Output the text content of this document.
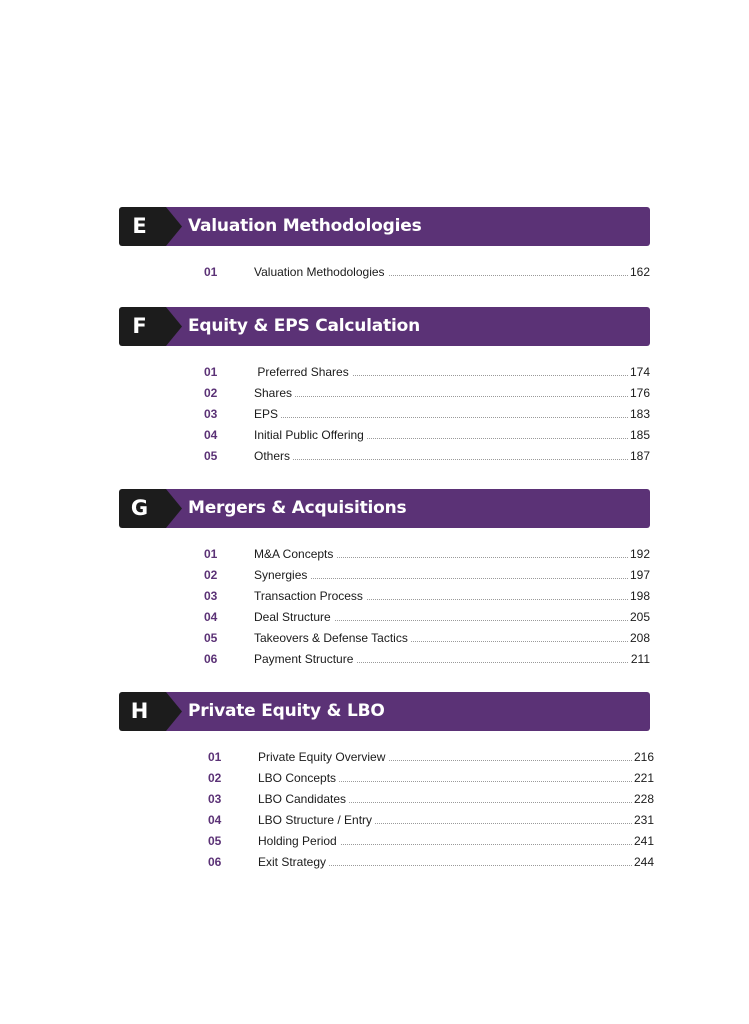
E	Valuation Methodologies
01	Valuation Methodologies	162
F	Equity & EPS Calculation
01	Preferred Shares	174
02	Shares	176
03	EPS	183
04	Initial Public Offering	185
05	Others	187
G	Mergers & Acquisitions
01	M&A Concepts	192
02	Synergies	197
03	Transaction Process	198
04	Deal Structure	205
05	Takeovers & Defense Tactics	208
06	Payment Structure	211
H	Private Equity & LBO
01	Private Equity Overview	216
02	LBO Concepts	221
03	LBO Candidates	228
04	LBO Structure / Entry	231
05	Holding Period	241
06	Exit Strategy	244
